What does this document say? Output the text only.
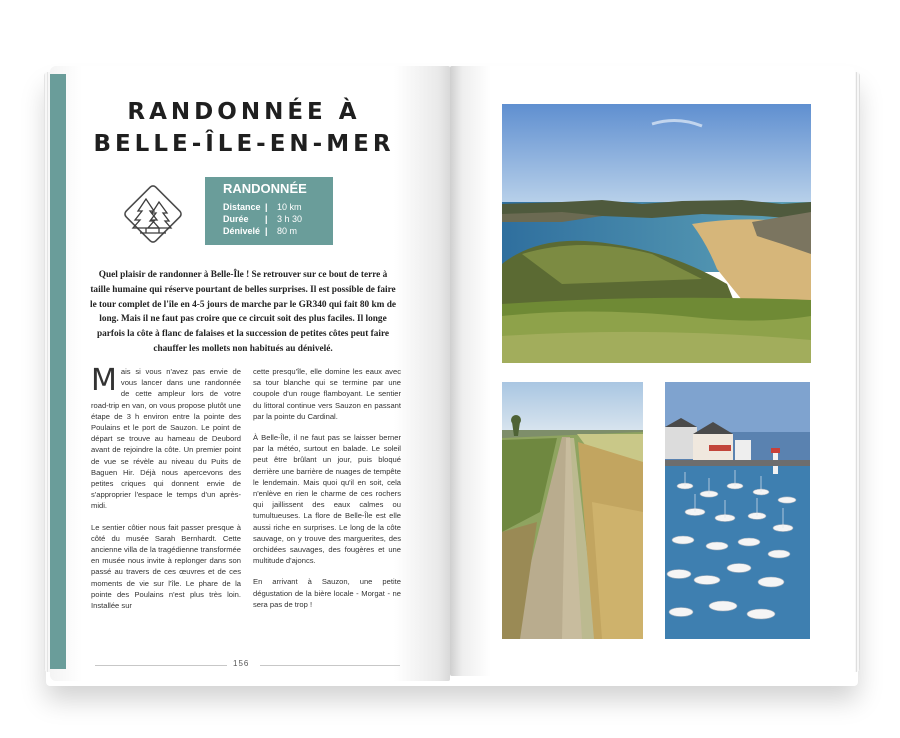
RANDONNÉE À
BELLE-ÎLE-EN-MER
RANDONNÉE
Distance | 10 km
Durée | 3 h 30
Dénivelé | 80 m
Quel plaisir de randonner à Belle-Île ! Se retrouver sur ce bout de terre à taille humaine qui réserve pourtant de belles surprises. Il est possible de faire le tour complet de l'île en 4-5 jours de marche par le GR340 qui fait 80 km de long. Mais il ne faut pas croire que ce circuit soit des plus faciles. Il longe parfois la côte à flanc de falaises et la succession de petites côtes peut faire chauffer les mollets non habitués au dénivelé.

Mais si vous n'avez pas envie de vous lancer dans une randonnée de cette ampleur lors de votre road-trip en van, on vous propose plutôt une étape de 3 h environ entre la pointe des Poulains et le port de Sauzon. Le point de départ se trouve au hameau de Deubord avant de rejoindre la côte. Un premier point de vue se révèle au niveau du Puits de Baguen Hir. Déjà nous apercevons des petites criques qui donnent envie de s'approprier l'espace le temps d'un après-midi.

Le sentier côtier nous fait passer presque à côté du musée Sarah Bernhardt. Cette ancienne villa de la tragédienne transformée en musée nous invite à replonger dans son passé au travers de ces œuvres et de ces moments de vie sur l'île. Le phare de la pointe des Poulains n'est plus très loin. Installée sur

cette presqu'île, elle domine les eaux avec sa tour blanche qui se termine par une coupole d'un rouge flamboyant. Le sentier du littoral continue vers Sauzon en passant par la pointe du Cardinal.

À Belle-Île, il ne faut pas se laisser berner par la météo, surtout en balade. Le soleil peut être brûlant un jour, puis bloqué derrière une barrière de nuages de tempête le lendemain. Mais quoi qu'il en soit, cela n'enlève en rien le charme de ces rochers qui jaillissent des eaux calmes ou tumultueuses. La flore de Belle-Île est elle aussi riche en surprises. Le long de la côte sauvage, on y trouve des marguerites, des orchidées sauvages, des fougères et une multitude d'ajoncs.

En arrivant à Sauzon, une petite dégustation de la bière locale - Morgat - ne sera pas de trop !

156
